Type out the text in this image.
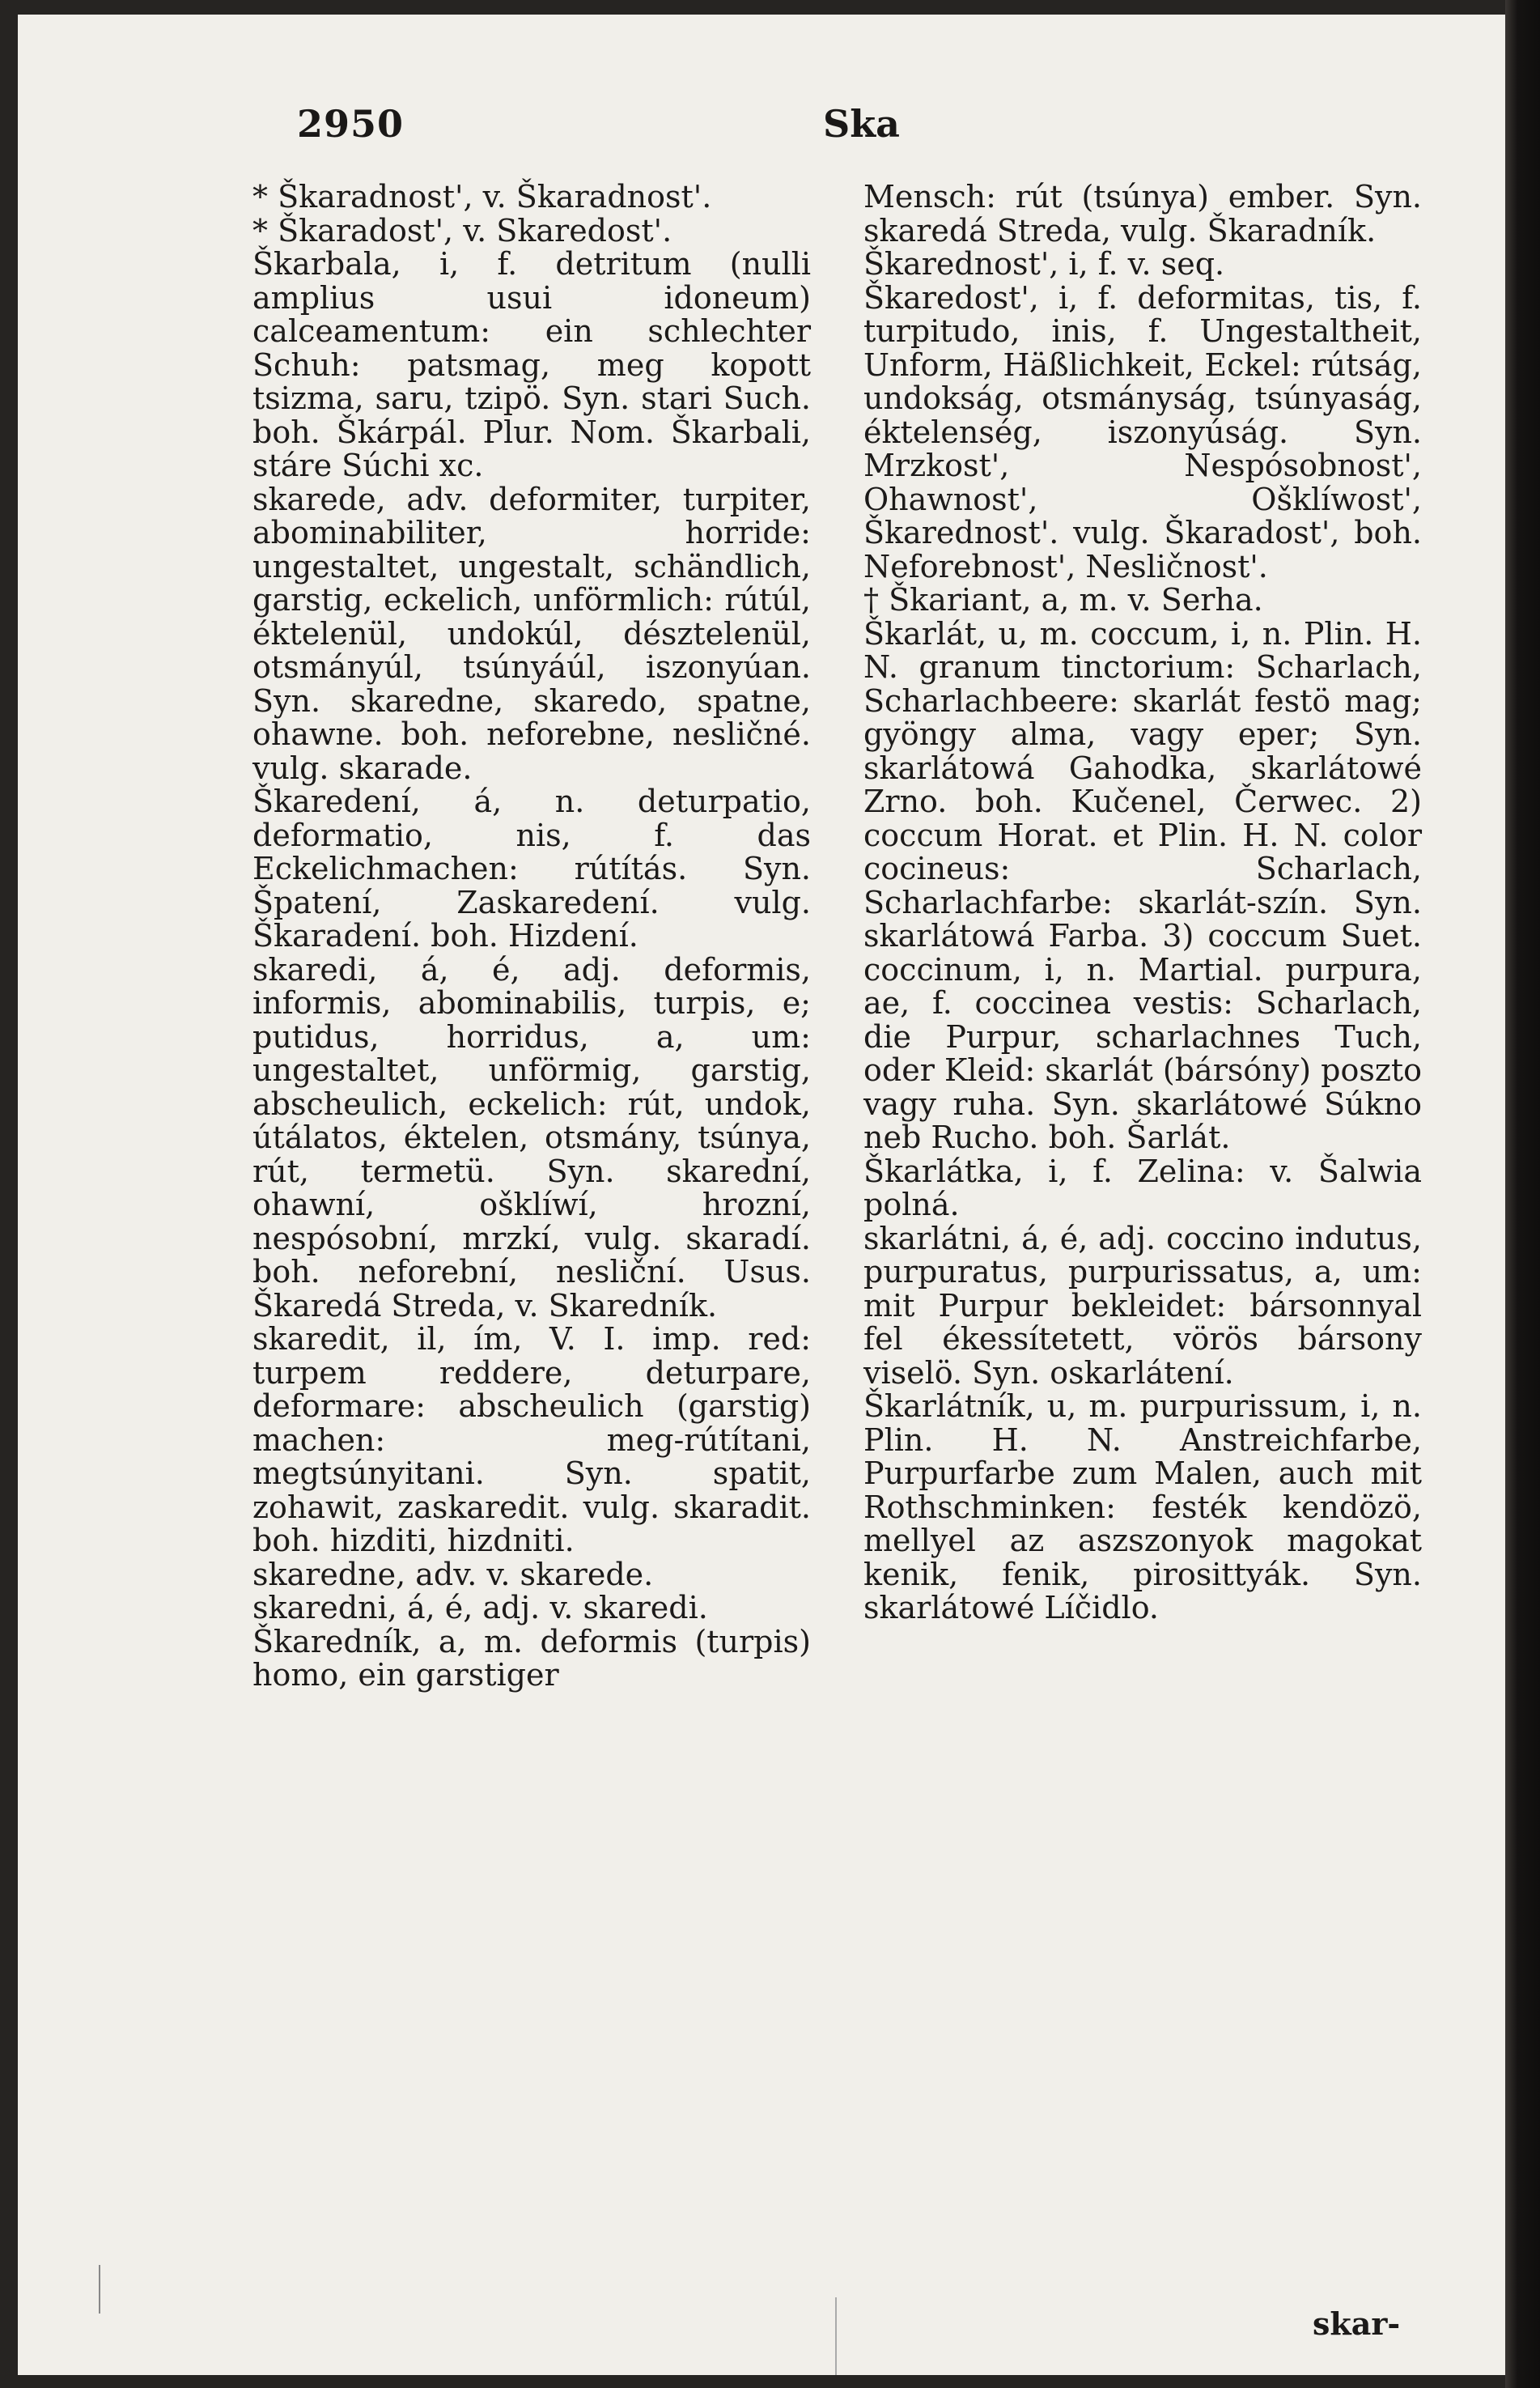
2950	Ska

* Škaradnost', v. Škaradnost'.

* Škaradost', v. Skaredost'.

Škarbala, i, f. detritum (nulli amplius usui idoneum) calceamentum: ein schlechter Schuh: patsmag, meg kopott tsizma, saru, tzipö. Syn. stari Such. boh. Škárpál. Plur. Nom. Škarbali, stáre Súchi xc.

skarede, adv. deformiter, turpiter, abominabiliter, horride: ungestaltet, ungestalt, schändlich, garstig, eckelich, unförmlich: rútúl, éktelenül, undokúl, désztelenül, otsmányúl, tsúnyáúl, iszonyúan. Syn. skaredne, skaredo, spatne, ohawne. boh. neforebne, nesličné. vulg. skarade.

Škaredení, á, n. deturpatio, deformatio, nis, f. das Eckelichmachen: rútítás. Syn. Špatení, Zaskaredení. vulg. Škaradení. boh. Hizdení.

skaredi, á, é, adj. deformis, informis, abominabilis, turpis, e; putidus, horridus, a, um: ungestaltet, unförmig, garstig, abscheulich, eckelich: rút, undok, útálatos, éktelen, otsmány, tsúnya, rút, termetü. Syn. skarední, ohawní, ošklíwí, hrozní, nespósobní, mrzkí, vulg. skaradí. boh. neforební, nesliční. Usus. Škaredá Streda, v. Skaredník.

skaredit, il, ím, V. I. imp. red: turpem reddere, deturpare, deformare: abscheulich (garstig) machen: meg-rútítani, megtsúnyitani. Syn. spatit, zohawit, zaskaredit. vulg. skaradit. boh. hizditi, hizdniti.

skaredne, adv. v. skarede.

skaredni, á, é, adj. v. skaredi.

Škaredník, a, m. deformis (turpis) homo, ein garstiger

Mensch: rút (tsúnya) ember. Syn. skaredá Streda, vulg. Škaradník.

Škarednost', i, f. v. seq.

Škaredost', i, f. deformitas, tis, f. turpitudo, inis, f. Ungestaltheit, Unform, Häßlichkeit, Eckel: rútság, undokság, otsmányság, tsúnyaság, éktelenség, iszonyúság. Syn. Mrzkost', Nespósobnost', Ohawnost', Ošklíwost', Škarednost'. vulg. Škaradost', boh. Neforebnost', Nesličnost'.

† Škariant, a, m. v. Serha.

Škarlát, u, m. coccum, i, n. Plin. H. N. granum tinctorium: Scharlach, Scharlachbeere: skarlát festö mag; gyöngy alma, vagy eper; Syn. skarlátowá Gahodka, skarlátowé Zrno. boh. Kučenel, Čerwec. 2) coccum Horat. et Plin. H. N. color cocineus: Scharlach, Scharlachfarbe: skarlát-szín. Syn. skarlátowá Farba. 3) coccum Suet. coccinum, i, n. Martial. purpura, ae, f. coccinea vestis: Scharlach, die Purpur, scharlachnes Tuch, oder Kleid: skarlát (bársóny) poszto vagy ruha. Syn. skarlátowé Súkno neb Rucho. boh. Šarlát.

Škarlátka, i, f. Zelina: v. Šalwia polná.

skarlátni, á, é, adj. coccino indutus, purpuratus, purpurissatus, a, um: mit Purpur bekleidet: bársonnyal fel ékessítetett, vörös bársony viselö. Syn. oskarlátení.

Škarlátník, u, m. purpurissum, i, n. Plin. H. N. Anstreichfarbe, Purpurfarbe zum Malen, auch mit Rothschminken: festék kendözö, mellyel az aszszonyok magokat kenik, fenik, pirosittyák. Syn. skarlátowé Líčidlo.

skar-
